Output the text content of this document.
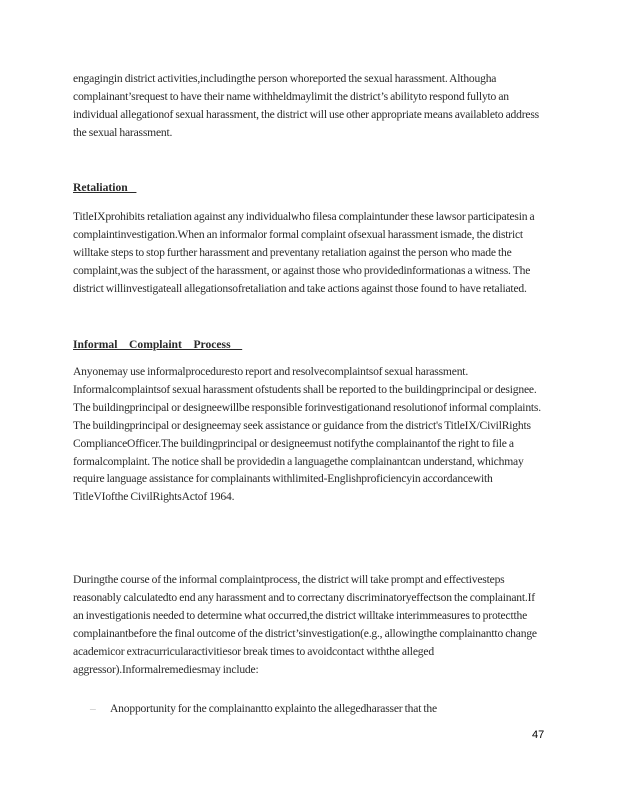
engagingin district activities,includingthe person whoreported the sexual harassment. Althougha complainant’srequest to have their name withheldmaylimit the district’s abilityto respond fullyto an individual allegationof sexual harassment, the district will use other appropriate means availableto address the sexual harassment.

Retaliation

TitleIXprohibits retaliation against any individualwho filesa complaintunder these lawsor participatesin a complaintinvestigation.When an informalor formal complaint ofsexual harassment ismade, the district willtake steps to stop further harassment and preventany retaliation against the person who made the complaint,was the subject of the harassment, or against those who providedinformationas a witness. The district willinvestigateall allegationsofretaliation and take actions against those found to have retaliated.

Informal    Complaint    Process

Anyonemay use informalproceduresto report and resolvecomplaintsof sexual harassment. Informalcomplaintsof sexual harassment ofstudents shall be reported to the buildingprincipal or designee. The buildingprincipal or designeewillbe responsible forinvestigationand resolutionof informal complaints. The buildingprincipal or designeemay seek assistance or guidance from the district's TitleIX/CivilRights ComplianceOfficer.The buildingprincipal or designeemust notifythe complainantof the right to file a formalcomplaint. The notice shall be providedin a languagethe complainantcan understand, whichmay require language assistance for complainants withlimited-Englishproficiencyin accordancewith TitleVIofthe CivilRightsActof 1964.

Duringthe course of the informal complaintprocess, the district will take prompt and effectivesteps reasonably calculatedto end any harassment and to correctany discriminatoryeffectson the complainant.If an investigationis needed to determine what occurred,the district willtake interimmeasures to protectthe complainantbefore the final outcome of the district’sinvestigation(e.g., allowingthe complainantto change academicor extracurricularactivitiesor break times to avoidcontact withthe alleged aggressor).Informalremediesmay include:

– Anopportunity for the complainantto explainto the allegedharasser that the
47
